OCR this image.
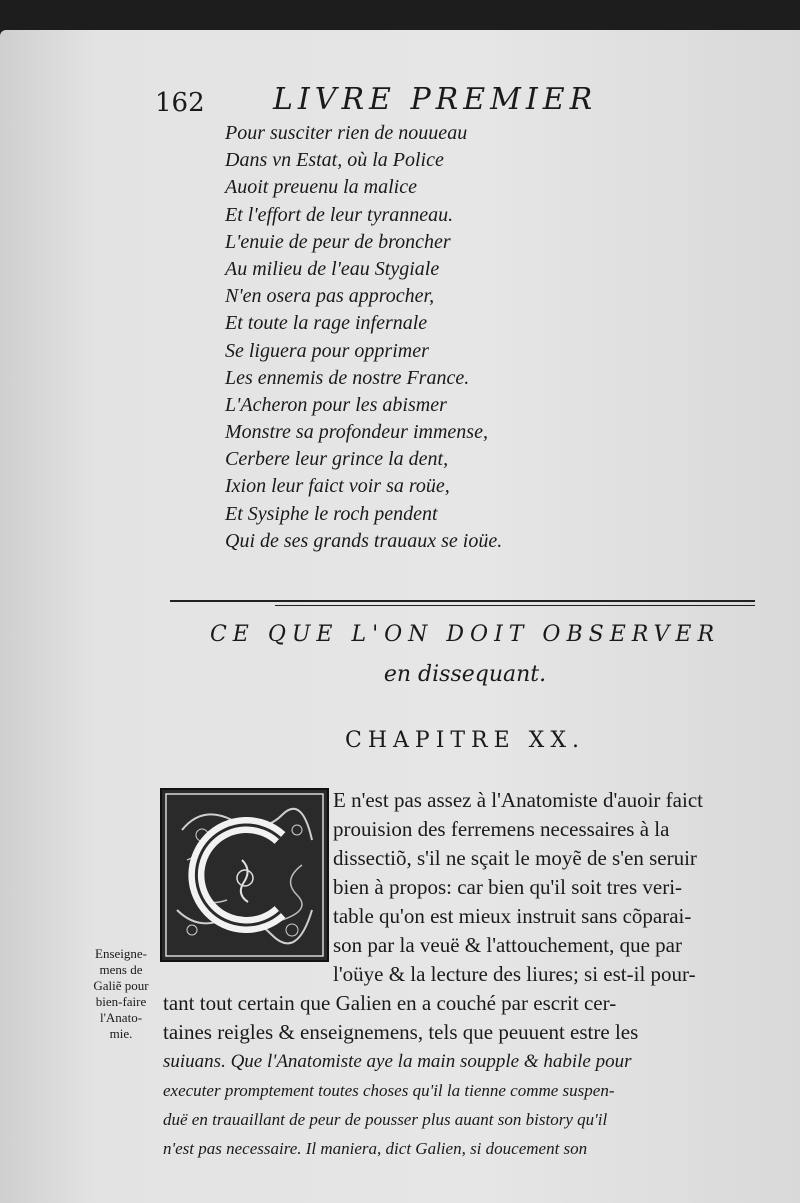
162 LIVRE PREMIER
Pour susciter rien de nouueau
Dans vn Estat, où la Police
Auoit preuenu la malice
Et l'effort de leur tyranneau.
L'enuie de peur de broncher
Au milieu de l'eau Stygiale
N'en osera pas approcher,
Et toute la rage infernale
Se liguera pour opprimer
Les ennemis de nostre France.
L'Acheron pour les abismer
Monstre sa profondeur immense,
Cerbere leur grince la dent,
Ixion leur faict voir sa roüe,
Et Sysiphe le roch pendent
Qui de ses grands trauaux se ioüe.
CE QUE L'ON DOIT OBSERVER
en dissequant.
CHAPITRE XX.
E n'est pas assez à l'Anatomiste d'auoir faict
prouision des ferremens necessaires à la
dissectiõ, s'il ne sçait le moyẽ de s'en seruir
bien à propos: car bien qu'il soit tres veri-
table qu'on est mieux instruit sans cõparai-
son par la veuë & l'attouchement, que par
l'oüye & la lecture des liures; si est-il pour-
tant tout certain que Galien en a couché par escrit cer-
taines reigles & enseignemens, tels que peuuent estre les
suiuans. Que l'Anatomiste aye la main soupple & habile pour
executer promptement toutes choses qu'il la tienne comme suspen-
duë en trauaillant de peur de pousser plus auant son bistory qu'il
n'est pas necessaire. Il maniera, dict Galien, si doucement son
Enseigne-
mens de
Galiẽ pour
bien-faire
l'Anato-
mie.
